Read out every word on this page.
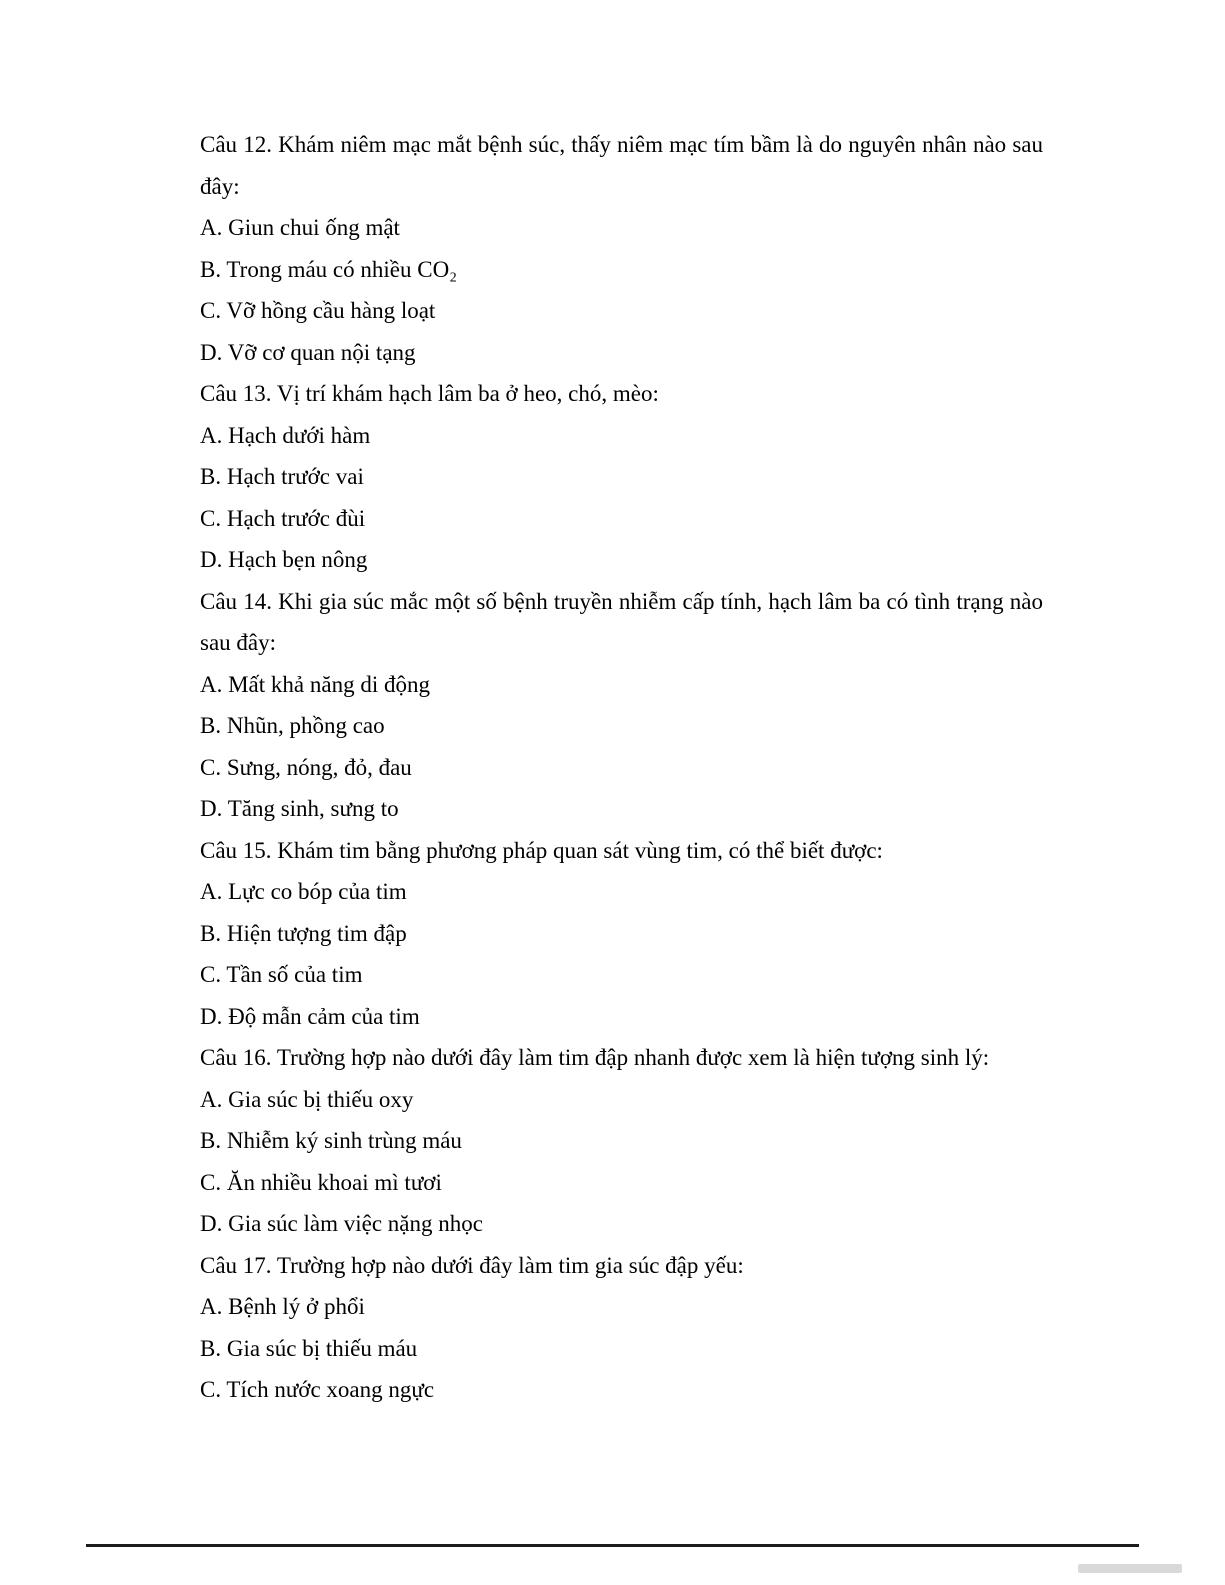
Câu 12. Khám niêm mạc mắt bệnh súc, thấy niêm mạc tím bầm là do nguyên nhân nào sau đây:

A. Giun chui ống mật

B. Trong máu có nhiều CO₂

C. Vỡ hồng cầu hàng loạt

D. Vỡ cơ quan nội tạng

Câu 13. Vị trí khám hạch lâm ba ở heo, chó, mèo:

A. Hạch dưới hàm

B. Hạch trước vai

C. Hạch trước đùi

D. Hạch bẹn nông

Câu 14. Khi gia súc mắc một số bệnh truyền nhiễm cấp tính, hạch lâm ba có tình trạng nào sau đây:

A. Mất khả năng di động

B. Nhũn, phồng cao

C. Sưng, nóng, đỏ, đau

D. Tăng sinh, sưng to

Câu 15. Khám tim bằng phương pháp quan sát vùng tim, có thể biết được:

A. Lực co bóp của tim

B. Hiện tượng tim đập

C. Tần số của tim

D. Độ mẫn cảm của tim

Câu 16. Trường hợp nào dưới đây làm tim đập nhanh được xem là hiện tượng sinh lý:

A. Gia súc bị thiếu oxy

B. Nhiễm ký sinh trùng máu

C. Ăn nhiều khoai mì tươi

D. Gia súc làm việc nặng nhọc

Câu 17. Trường hợp nào dưới đây làm tim gia súc đập yếu:

A. Bệnh lý ở phổi

B. Gia súc bị thiếu máu

C. Tích nước xoang ngực
